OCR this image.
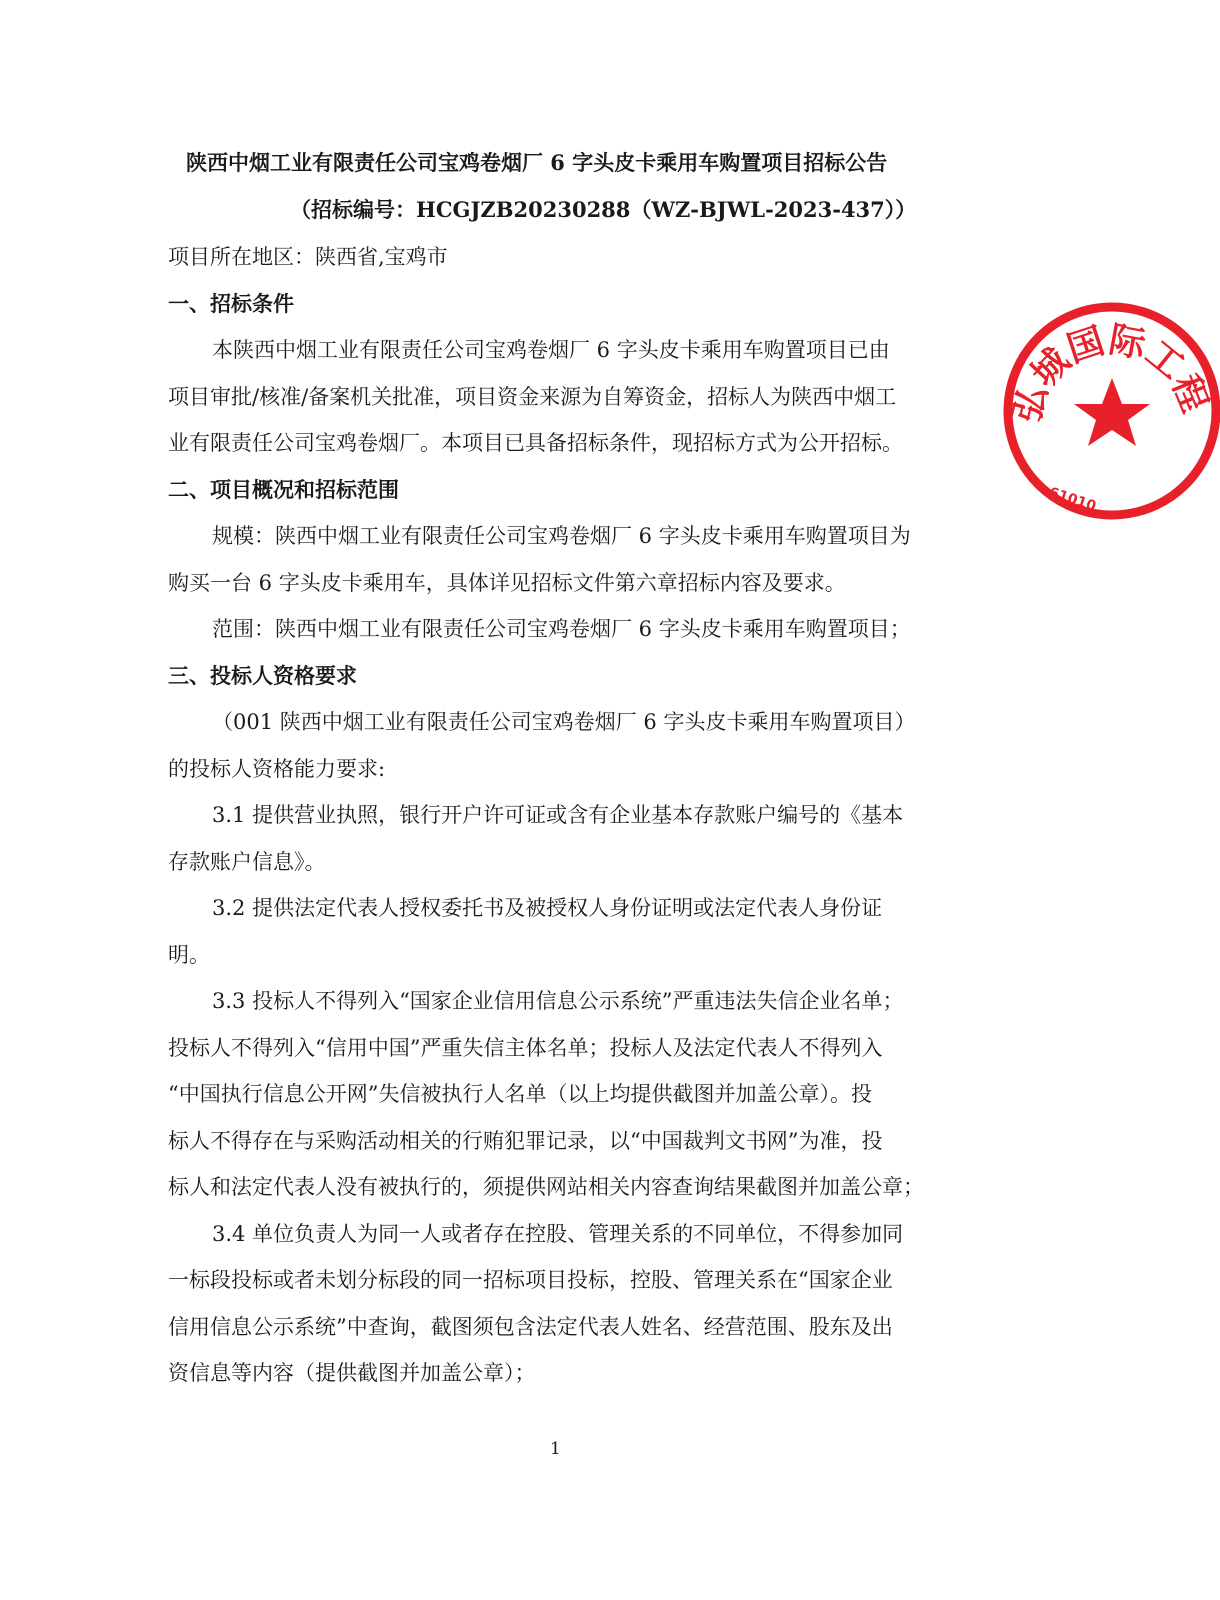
陕西中烟工业有限责任公司宝鸡卷烟厂 6 字头皮卡乘用车购置项目招标公告
（招标编号：HCGJZB20230288（WZ-BJWL-2023-437））
项目所在地区：陕西省,宝鸡市
一、招标条件
本陕西中烟工业有限责任公司宝鸡卷烟厂 6 字头皮卡乘用车购置项目已由
项目审批/核准/备案机关批准，项目资金来源为自筹资金，招标人为陕西中烟工
业有限责任公司宝鸡卷烟厂。本项目已具备招标条件，现招标方式为公开招标。
二、项目概况和招标范围
规模：陕西中烟工业有限责任公司宝鸡卷烟厂 6 字头皮卡乘用车购置项目为
购买一台 6 字头皮卡乘用车，具体详见招标文件第六章招标内容及要求。
范围：陕西中烟工业有限责任公司宝鸡卷烟厂 6 字头皮卡乘用车购置项目；
三、投标人资格要求
（001 陕西中烟工业有限责任公司宝鸡卷烟厂 6 字头皮卡乘用车购置项目）
的投标人资格能力要求:
3.1 提供营业执照，银行开户许可证或含有企业基本存款账户编号的《基本
存款账户信息》。
3.2 提供法定代表人授权委托书及被授权人身份证明或法定代表人身份证
明。
3.3 投标人不得列入“国家企业信用信息公示系统”严重违法失信企业名单；
投标人不得列入“信用中国”严重失信主体名单；投标人及法定代表人不得列入
“中国执行信息公开网”失信被执行人名单（以上均提供截图并加盖公章）。投
标人不得存在与采购活动相关的行贿犯罪记录，以“中国裁判文书网”为准，投
标人和法定代表人没有被执行的，须提供网站相关内容查询结果截图并加盖公章；
3.4 单位负责人为同一人或者存在控股、管理关系的不同单位，不得参加同
一标段投标或者未划分标段的同一招标项目投标，控股、管理关系在“国家企业
信用信息公示系统”中查询，截图须包含法定代表人姓名、经营范围、股东及出
资信息等内容（提供截图并加盖公章）；
1
弘城国际工程
61010
